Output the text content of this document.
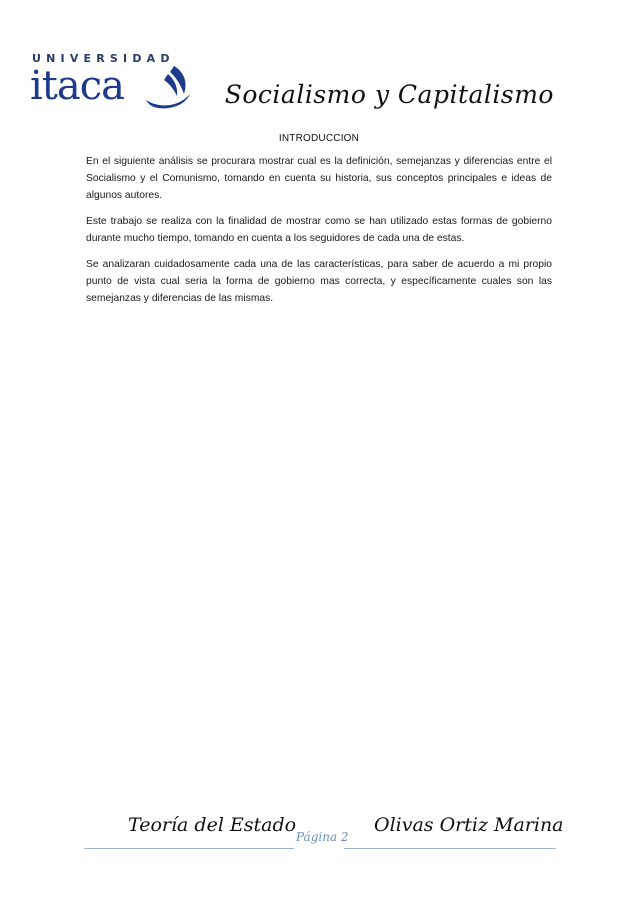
UNIVERSIDAD
itaca	Socialismo y Capitalismo
INTRODUCCION

En el siguiente análisis se procurara mostrar cual es la definición, semejanzas y diferencias entre el Socialismo y el Comunismo, tomando en cuenta su historia, sus conceptos principales e ideas de algunos autores.

Este trabajo se realiza con la finalidad de mostrar como se han utilizado estas formas de gobierno durante mucho tiempo, tomando en cuenta a los seguidores de cada una de estas.

Se analizaran cuidadosamente cada una de las características, para saber de acuerdo a mi propio punto de vista cual seria la forma de gobierno mas correcta, y específicamente cuales son las semejanzas y diferencias de las mismas.

Teoría del Estado
Página 2
Olivas Ortiz Marina
